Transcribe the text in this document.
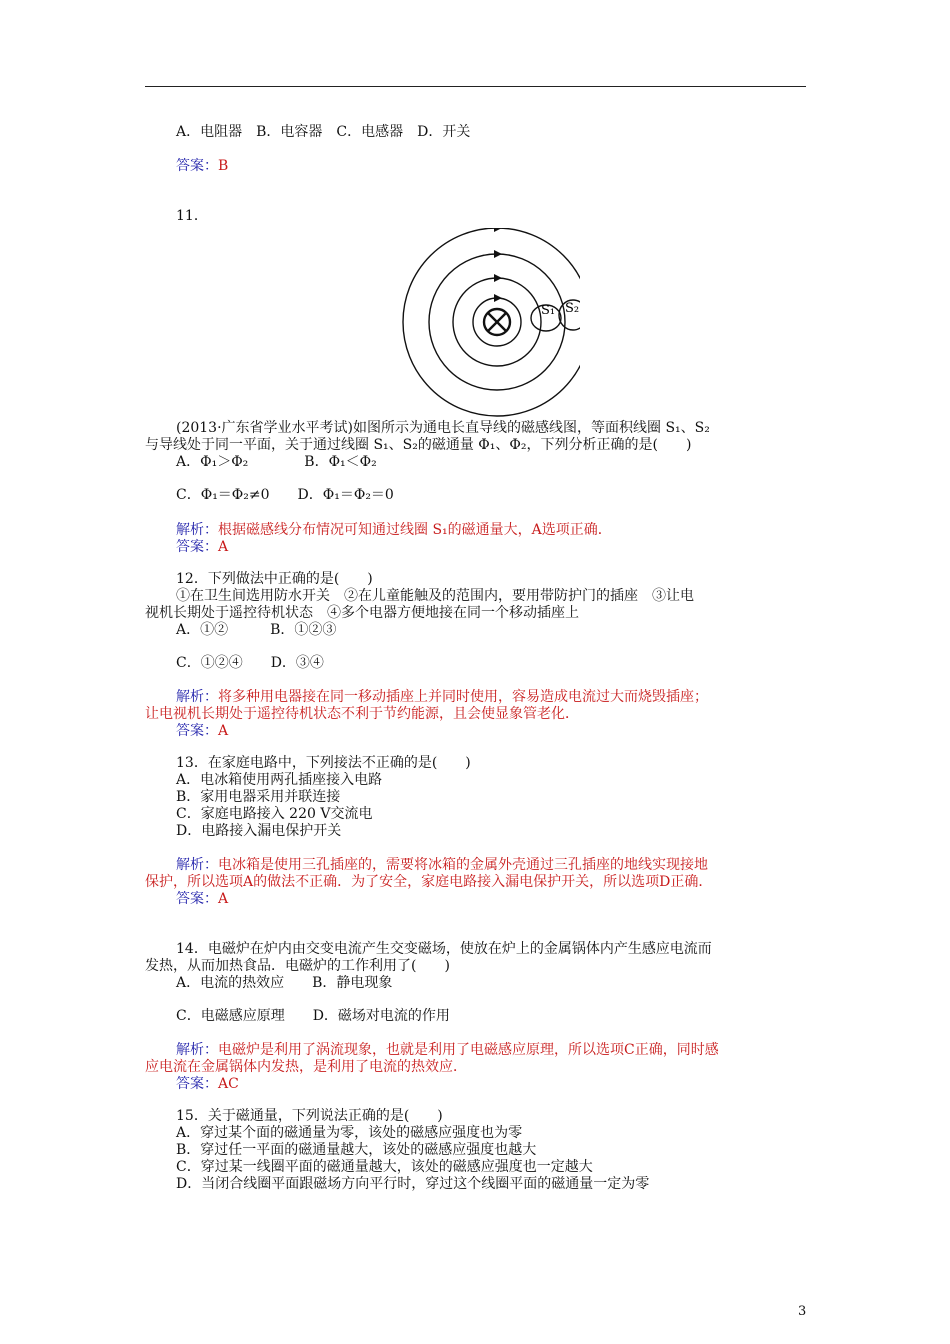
A．电阻器　B．电容器　C．电感器　D．开关
答案：B
11．
S₁ S₂
(2013·广东省学业水平考试)如图所示为通电长直导线的磁感线图，等面积线圈 S₁、S₂
与导线处于同一平面，关于通过线圈 S₁、S₂的磁通量 Φ₁、Φ₂，下列分析正确的是(　　)
A．Φ₁＞Φ₂　　　　B．Φ₁＜Φ₂
C．Φ₁＝Φ₂≠0　　D．Φ₁＝Φ₂＝0
解析：根据磁感线分布情况可知通过线圈 S₁的磁通量大，A选项正确．
答案：A
12．下列做法中正确的是(　　)
①在卫生间选用防水开关　②在儿童能触及的范围内，要用带防护门的插座　③让电
视机长期处于遥控待机状态　④多个电器方便地接在同一个移动插座上
A．①②　　　B．①②③
C．①②④　　D．③④
解析：将多种用电器接在同一移动插座上并同时使用，容易造成电流过大而烧毁插座；
让电视机长期处于遥控待机状态不利于节约能源，且会使显象管老化．
答案：A
13．在家庭电路中，下列接法不正确的是(　　)
A．电冰箱使用两孔插座接入电路
B．家用电器采用并联连接
C．家庭电路接入 220 V交流电
D．电路接入漏电保护开关
解析：电冰箱是使用三孔插座的，需要将冰箱的金属外壳通过三孔插座的地线实现接地
保护，所以选项A的做法不正确．为了安全，家庭电路接入漏电保护开关，所以选项D正确．
答案：A
14．电磁炉在炉内由交变电流产生交变磁场，使放在炉上的金属锅体内产生感应电流而
发热，从而加热食品．电磁炉的工作利用了(　　)
A．电流的热效应　　B．静电现象
C．电磁感应原理　　D．磁场对电流的作用
解析：电磁炉是利用了涡流现象，也就是利用了电磁感应原理，所以选项C正确，同时感
应电流在金属锅体内发热，是利用了电流的热效应．
答案：AC
15．关于磁通量，下列说法正确的是(　　)
A．穿过某个面的磁通量为零，该处的磁感应强度也为零
B．穿过任一平面的磁通量越大，该处的磁感应强度也越大
C．穿过某一线圈平面的磁通量越大，该处的磁感应强度也一定越大
D．当闭合线圈平面跟磁场方向平行时，穿过这个线圈平面的磁通量一定为零
3
